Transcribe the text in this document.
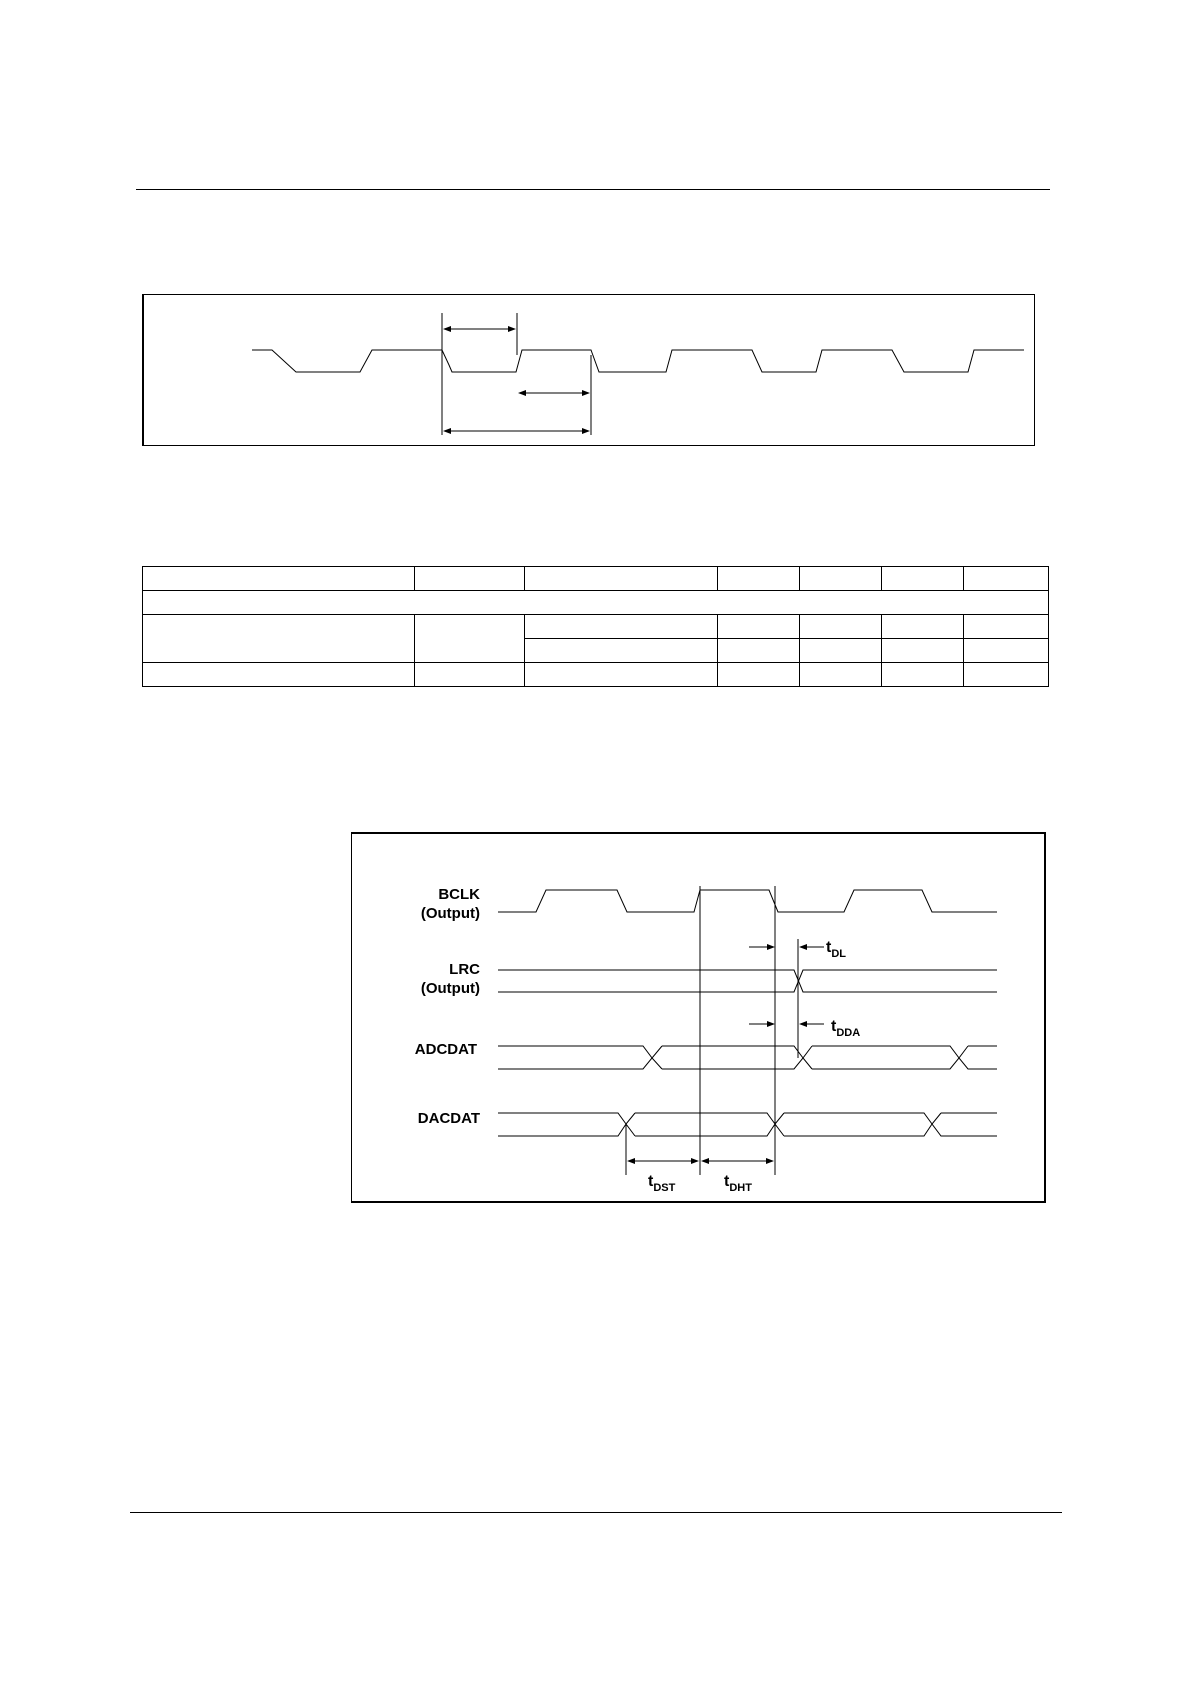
BCLK
(Output)
LRC
(Output)
ADCDAT
DACDAT
$t_{DL}$
$t_{DDA}$
$t_{DST}$	$t_{DHT}$
